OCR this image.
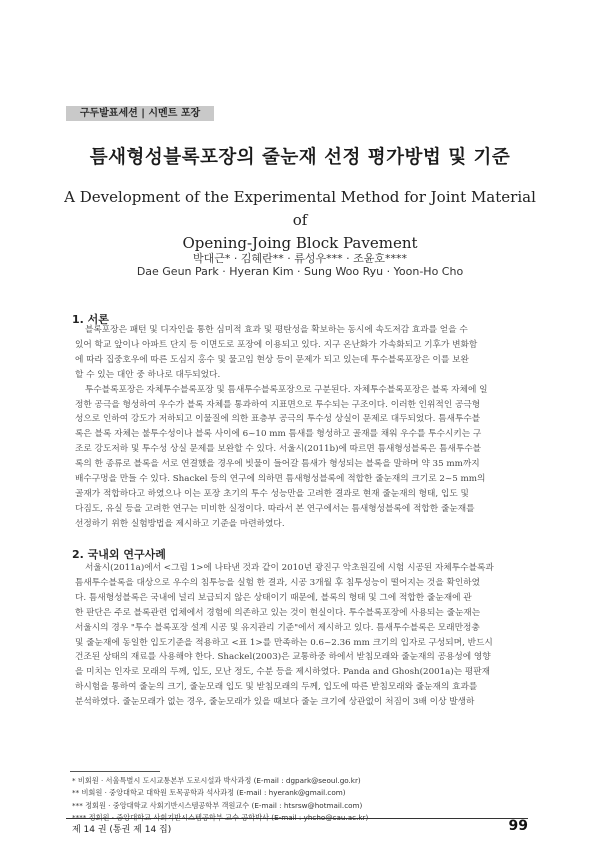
구두발표세션 | 시멘트 포장
틈새형성블록포장의 줄눈재 선정 평가방법 및 기준
A Development of the Experimental Method for Joint Material of
Opening-Joing Block Pavement
박대근* · 김혜란** · 류성우*** · 조윤호****
Dae Geun Park · Hyeran Kim · Sung Woo Ryu · Yoon-Ho Cho
1. 서론
블록포장은 패턴 및 디자인을 통한 심미적 효과 및 평탄성을 확보하는 동시에 속도저감 효과를 얻을 수
있어 학교 앞이나 아파트 단지 등 이면도로 포장에 이용되고 있다. 지구 온난화가 가속화되고 기후가 변화함
에 따라 집중호우에 따른 도심지 홍수 및 물고임 현상 등이 문제가 되고 있는데 투수블록포장은 이를 보완
할 수 있는 대안 중 하나로 대두되었다.
투수블록포장은 자체투수블록포장 및 틈새투수블록포장으로 구분된다. 자체투수블록포장은 블록 자체에 일
정한 공극을 형성하여 우수가 블록 자체를 통과하여 지표면으로 투수되는 구조이다. 이러한 인위적인 공극형
성으로 인하여 강도가 저하되고 이물질에 의한 표층부 공극의 투수성 상실이 문제로 대두되었다. 틈새투수블
록은 블록 자체는 불투수성이나 블록 사이에 6~10 mm 틈새를 형성하고 골재를 채워 우수를 투수시키는 구
조로 강도저하 및 투수성 상실 문제를 보완할 수 있다. 서울시(2011b)에 따르면 틈새형성블록은 틈새투수블
록의 한 종류로 블록을 서로 연결했을 경우에 빗물이 들어갈 틈새가 형성되는 블록을 말하며 약 35 mm까지
배수구멍을 만들 수 있다. Shackel 등의 연구에 의하면 틈새형성블록에 적합한 줄눈재의 크기로 2~5 mm의
골재가 적합하다고 하였으나 이는 포장 초기의 투수 성능만을 고려한 결과로 현재 줄눈재의 형태, 입도 및
다짐도, 유실 등을 고려한 연구는 미비한 실정이다. 따라서 본 연구에서는 틈새형성블록에 적합한 줄눈재를
선정하기 위한 실험방법을 제시하고 기준을 마련하였다.
2. 국내외 연구사례
서울시(2011a)에서 <그림 1>에 나타낸 것과 같이 2010년 광진구 악초원길에 시험 시공된 자체투수블록과
틈새투수블록을 대상으로 우수의 침투능을 실험 한 결과, 시공 3개월 후 침투성능이 떨어지는 것을 확인하였
다. 틈새형성블록은 국내에 널리 보급되지 않은 상태이기 때문에, 블록의 형태 및 그에 적합한 줄눈재에 관
한 판단은 주로 블록관련 업체에서 경험에 의존하고 있는 것이 현실이다. 투수블록포장에 사용되는 줄눈재는
서울시의 경우 "투수 블록포장 설계 시공 및 유지관리 기준"에서 제시하고 있다. 틈새투수블록은 모래만정충
및 줄눈재에 동일한 입도기준을 적용하고 <표 1>를 만족하는 0.6~2.36 mm 크기의 입자로 구성되며, 반드시
건조된 상태의 재료를 사용해야 한다. Shackel(2003)은 교통하중 하에서 받침모래와 줄눈재의 공용성에 영향
을 미치는 인자로 모래의 두께, 입도, 모난 정도, 수분 등을 제시하였다. Panda and Ghosh(2001a)는 평판재
하시험을 통하여 줄눈의 크기, 줄눈모래 입도 및 받침모래의 두께, 입도에 따른 받침모래와 줄눈재의 효과를
분석하였다. 줄눈모래가 없는 경우, 줄눈모래가 있을 때보다 줄눈 크기에 상관없이 처짐이 3배 이상 발생하
* 비회원 · 서울특별시 도시교통본부 도로시설과 박사과정 (E-mail : dgpark@seoul.go.kr)
** 비회원 · 중앙대학교 대학원 토목공학과 석사과정 (E-mail : hyerank@gmail.com)
*** 정회원 · 중앙대학교 사회기반시스템공학부 객원교수 (E-mail : htsrsw@hotmail.com)
**** 정회원 · 중앙대학교 사회기반시스템공학부 교수 공학박사 (E-mail : yhcho@cau.ac.kr)
제 14 권 (통권 제 14 집)	99
